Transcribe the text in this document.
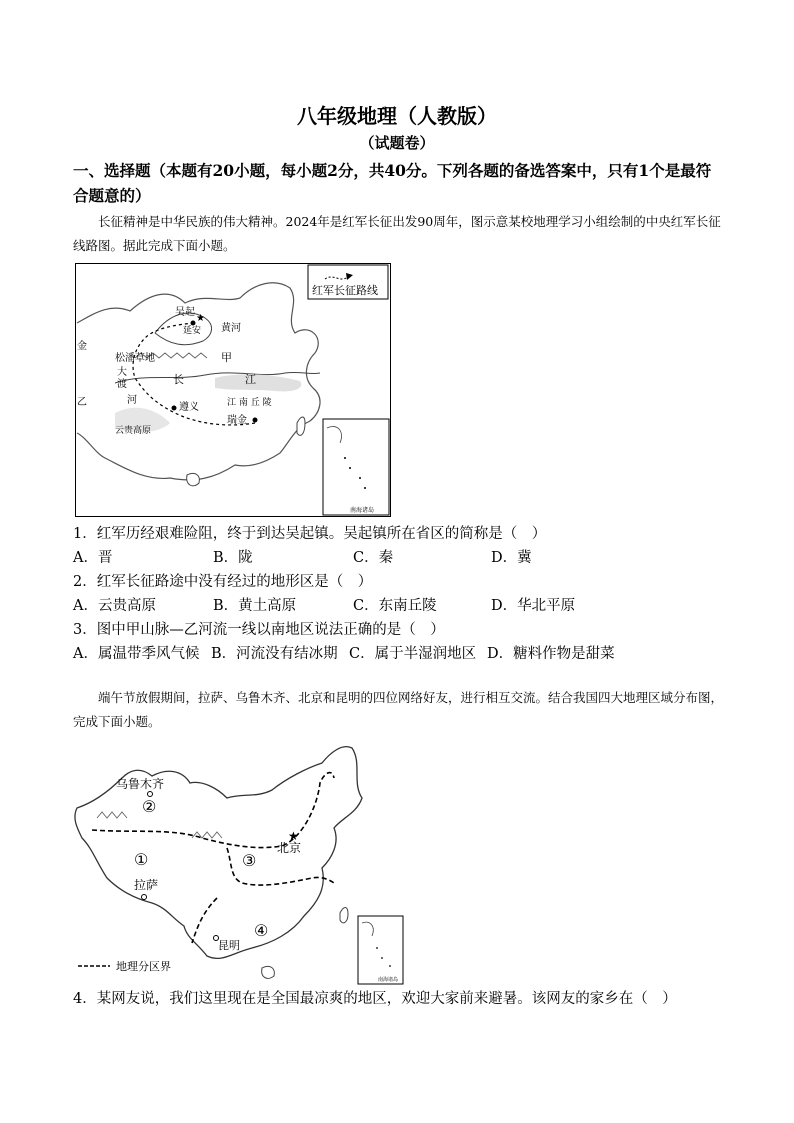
八年级地理（人教版）
（试题卷）
一、选择题（本题有20小题，每小题2分，共40分。下列各题的备选答案中，只有1个是最符合题意的）
长征精神是中华民族的伟大精神。2024年是红军长征出发90周年，图示意某校地理学习小组绘制的中央红军长征线路图。据此完成下面小题。
红军长征路线
南海诸岛
吴起
★
延安 黄河
甲
松潘草地
金
大
渡
河
长	江
遵义	江 南 丘 陵
瑞金
云贵高原
乙
1．红军历经艰难险阻，终于到达吴起镇。吴起镇所在省区的简称是（　）
A．晋	B．陇	C．秦	D．冀
2．红军长征路途中没有经过的地形区是（　）
A．云贵高原	B．黄土高原	C．东南丘陵	D．华北平原
3．图中甲山脉—乙河流一线以南地区说法正确的是（　）
A．属温带季风气候 B．河流没有结冰期 C．属于半湿润地区 D．糖料作物是甜菜
端午节放假期间，拉萨、乌鲁木齐、北京和昆明的四位网络好友，进行相互交流。结合我国四大地理区域分布图，完成下面小题。
南海诸岛
乌鲁木齐
②
①	③
★
北京
拉萨
④
昆明
地理分区界
4．某网友说，我们这里现在是全国最凉爽的地区，欢迎大家前来避暑。该网友的家乡在（　）
